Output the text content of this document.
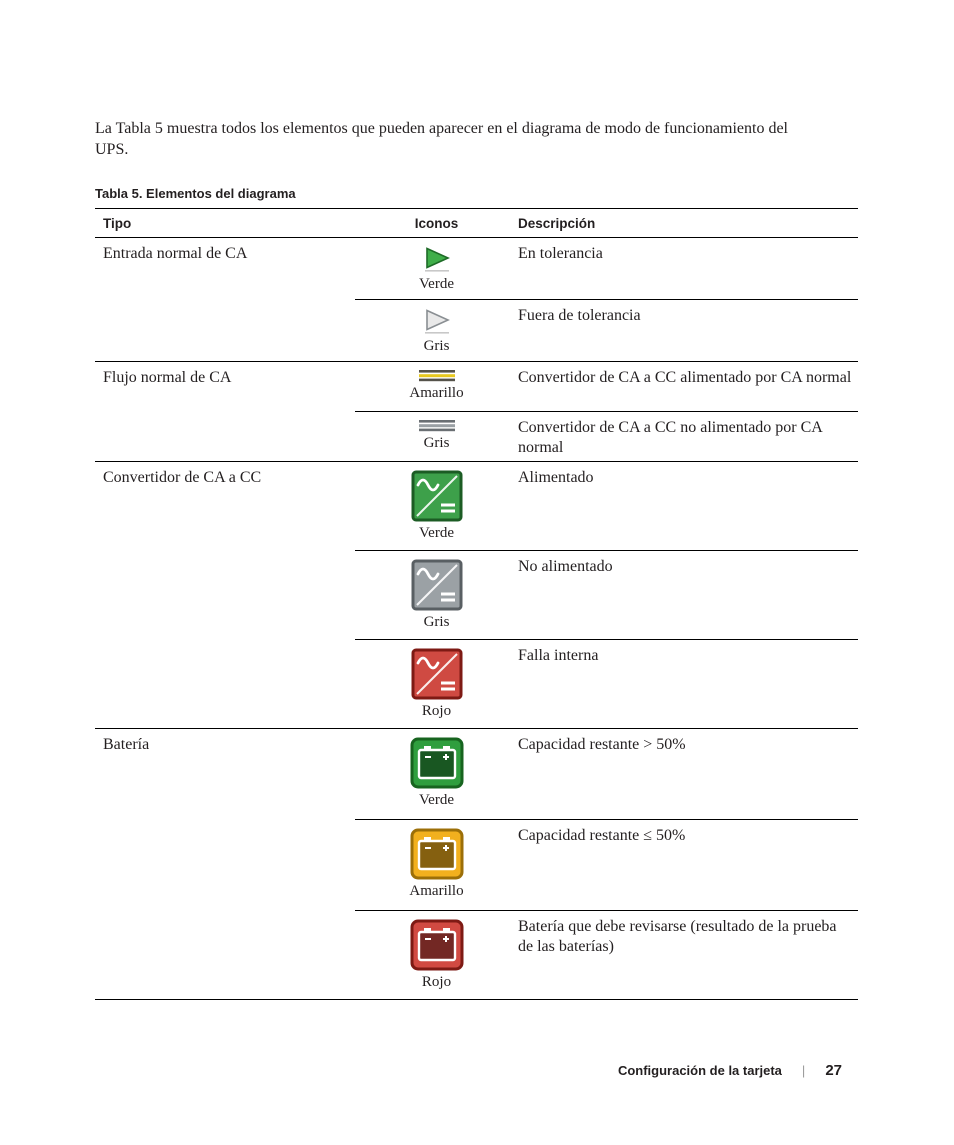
La Tabla 5 muestra todos los elementos que pueden aparecer en el diagrama de modo de funcionamiento del UPS.

Tabla 5. Elementos del diagrama
Tipo	Iconos	Descripción
Entrada normal de CA
Verde
En tolerancia
Gris
Fuera de tolerancia
Flujo normal de CA
Amarillo
Convertidor de CA a CC alimentado por CA normal
Gris
Convertidor de CA a CC no alimentado por CA normal
Convertidor de CA a CC
Verde
Alimentado
Gris
No alimentado
Rojo
Falla interna
Batería
Verde
Capacidad restante > 50%
Amarillo
Capacidad restante ≤ 50%
Rojo
Batería que debe revisarse (resultado de la prueba de las baterías)
Configuración de la tarjeta | 27
